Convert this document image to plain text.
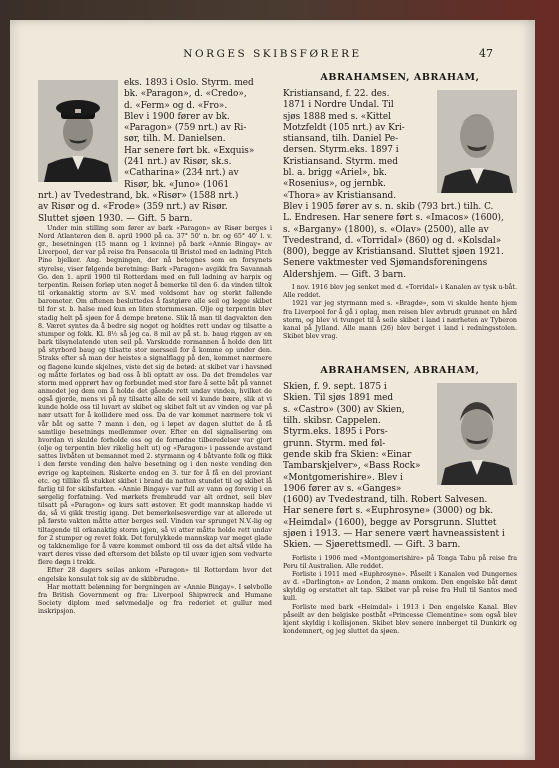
NORGES SKIBSFØRERE	47
eks. 1893 i Oslo. Styrm. med
bk. «Paragon», d. «Credo»,
d. «Ferm» og d. «Fro».
Blev i 1900 fører av bk.
«Paragon» (759 nrt.) av Ri-
sør, tilh. M. Danielsen.
Har senere ført bk. «Exquis»
(241 nrt.) av Risør, sk.s.
«Catharina» (234 nrt.) av
Risør, bk. «Juno» (1061
nrt.) av Tvedestrand, bk. «Risør» (1588 nrt.)
av Risør og d. «Frode» (359 nrt.) av Risør.
Sluttet sjøen 1930. — Gift. 5 barn.

Under min stilling som fører av bark «Paragon» av Risør berges i Nord Atlanteren den 8. april 1900 på ca. 37° 50' n. br. og 65° 40' l. v. gr., besetningen (15 mann og 1 kvinne) på bark «Annie Bingay» av Liverpool, der var på reise fra Pensacola til Bristol med en ladning Pitch Pine bjelker. Ang. begningen, der nå betegnes som en forsynets styrelse, viser følgende beretning: Bark «Paragon» avgikk fra Savannah Go. den 1. april 1900 til Rotterdam med en full ladning av harpix og terpentin. Reisen forløp uten noget å bemerke til den 6. da vinden tiltok til orkanaktig storm av S.V. med voldsomt hav og sterkt fallende barometer. Om aftenen besluttedes å fastgiøre alle seil og legge skibet til for st. b. halse med kun en liten stormmesan. Olje og terpentin blev stadig helt på sjøen for å dempe brøtene. Slik lå man til dagvakten den 8. Været syntes da å bedre sig noget og holdtes rett undav og tilsatte a stumper og fokk. Kl. 8½ så jeg ca. 8 mil av på st. b. baug riggen av en bark tilsynelatende uten seil på. Varskudde rormannen å holde den litt på styrbord baug og tilsatte stor mersseil for å komme op under den. Straks efter så man der heistes a signalflagg på den, kommet nærmere og flagene kunde skjelnes, viste det sig de betød: at skibet var i havsnød og måtte forlates og bad oss å bli optatt av oss. Da det fremdeles var storm med opprørt hav og forbundet med stor fare å sette båt på vannet anmodet jeg dem om å holde det gående rett undav vinden, hvilket de også gjorde, mens vi på ny tilsatte alle de seil vi kunde bære, slik at vi kunde holde oss til luvart av skibet og skibet falt ut av vinden og var på nær utsatt for å kollidere med oss. Da de var kommet nærmere tok vi vår båt og satte 7 mann i den, og i løpet av dagen sluttet de å få samtlige besetnings medlemmer over. Efter en del signalisering om hvordan vi skulde forholde oss og de fornødne tilberedelser var gjort (olje og terpentin blev rikelig helt ut) og «Paragon» i passende avstand sattes livbåten ut bemannet med 2. styrmann og 4 båtvante folk og flikk i den første vending den halve besetning og i den neste vending den øvrige og kapteinen. Riskerte endog en 3. tur for å få en del proviant etc. og tillike få stukket skibet i brand da natten stundet til og skibet lå farlig til for skibsfarten. «Annie Bingay» var full av vann og forevig i en sørgelig forfatning. Ved mørkets frembrudd var alt ordnet, seil blev tilsatt på «Paragon» og kurs satt østover. Et godt mannskap hadde vi da, så vi gikk trestig igang. Det bemerkelsesverdige var at allerede ut på første vakten måtte atter berges seil. Vinden var sprunget N.V.-lig og tiltagende til orkanaktig storm igjen, så vi atter måtte holde rett undav for 2 stumper og revet fokk. Det forulykkede mannskap var meget glade og takknemlige for å være kommet ombord til oss da det altså vilde ha vært deres visse død eftersom det blåste op til uvær igjen som vedvarte flere døgn i trekk.

Efter 28 dagers seilas ankom «Paragon» til Rotterdam hvor det engelske konsulat tok sig av de skibbrudne.

Har mottatt belønning for bergningen av «Annie Bingay». I sølvbolle fra British Government og fra: Liverpool Shipwreck and Humane Society diplom med sølvmedalje og fra rederiet et gullur med inskripsjon.

ABRAHAMSEN, ABRAHAM,
Kristiansand, f. 22. des.
1871 i Nordre Undal. Til
sjøs 1888 med s. «Kittel
Motzfeldt (105 nrt.) av Kri-
stiansand, tilh. Daniel Pe-
dersen. Styrm.eks. 1897 i
Kristiansand. Styrm. med
bl. a. brigg «Ariel», bk.
«Rosenius», og jernbk.
«Thora» av Kristiansand.
Blev i 1905 fører av s. n. skib (793 brt.) tilh. C.
L. Endresen. Har senere ført s. «Imacos» (1600),
s. «Bargany» (1800), s. «Olav» (2500), alle av
Tvedestrand, d. «Torridal» (860) og d. «Kolsdal»
(800), begge av Kristiansand. Sluttet sjøen 1921.
Senere vaktmester ved Sjømandsforeningens
Aldershjem. — Gift. 3 barn.

I nov. 1916 blev jeg senket med d. «Torridal» i Kanalen av tysk u-båt. Alle reddet.

1921 var jeg styrmann med s. «Bragdø», som vi skulde hente hjem fra Liverpool for å gå i oplag, men reisen blev avbrudt grunnet en hård storm, og blev vi tvunget til å seile skibet i land i nærheten av Tyberon kanal på Jylland. Alle mann (26) blev berget i land i redningsstolen. Skibet blev vrag.

ABRAHAMSEN, ABRAHAM,
Skien, f. 9. sept. 1875 i
Skien. Til sjøs 1891 med
s. «Castro» (300) av Skien,
tilh. skibsr. Cappelen.
Styrm.eks. 1895 i Pors-
grunn. Styrm. med føl-
gende skib fra Skien: «Einar
Tambarskjelver», «Bass Rock»
«Montgomerishire». Blev i
1906 fører av s. «Ganges»
(1600) av Tvedestrand, tilh. Robert Salvesen.
Har senere ført s. «Euphrosyne» (3000) og bk.
«Heimdal» (1600), begge av Porsgrunn. Sluttet
sjøen i 1913. — Har senere vært havneassistent i
Skien. — Sjøerettsmedl. — Gift. 3 barn.

Forliste i 1906 med «Montgomerishire» på Tonga Tabu på reise fra Peru til Australien. Alle reddet.

Forliste i 1911 med «Euphrosyne». Påseilt i Kanalen ved Dungernes av d. «Darlington» av London, 2 mann omkom. Den engelske båt dømt skyldig og erstattet alt tap. Skibet var på reise fra Hull til Santos med kull.

Forliste med bark «Heimdal» i 1913 i Den engelske Kanal. Blev påseilt av den belgiske postbåt «Princesse Clementine» som også blev kjent skyldig i kollisjonen. Skibet blev senere innberget til Dunkirk og kondemnert, og jeg sluttet da sjøen.
